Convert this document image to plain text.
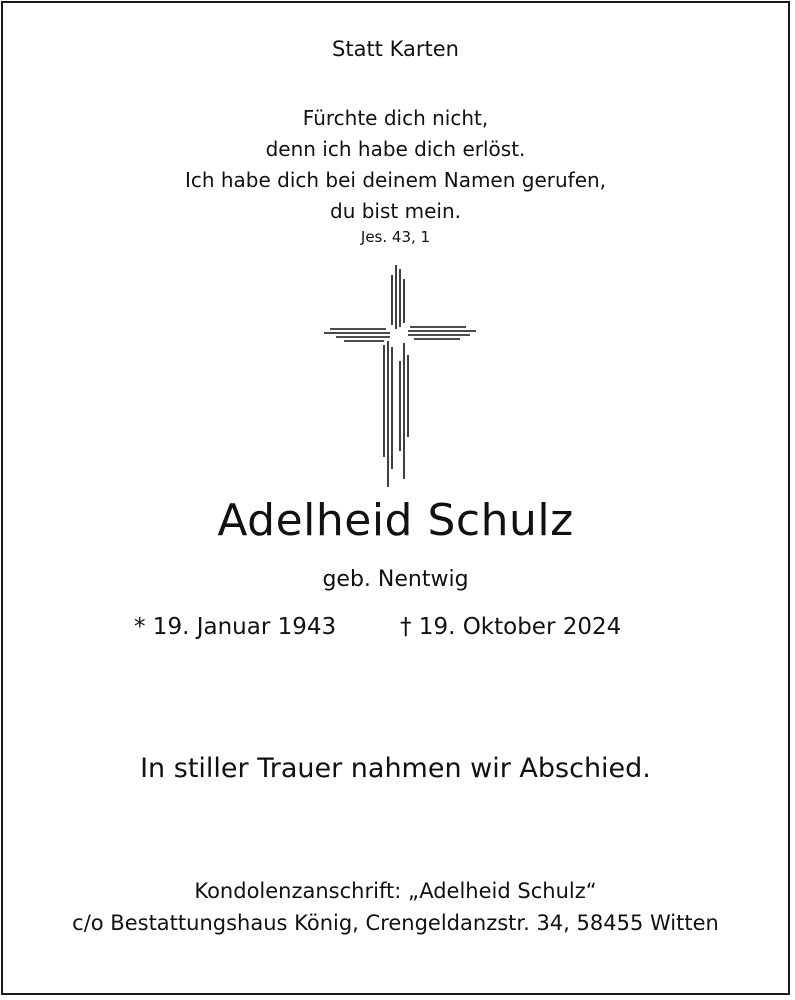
Statt Karten
Fürchte dich nicht,
denn ich habe dich erlöst.
Ich habe dich bei deinem Namen gerufen,
du bist mein.
Jes. 43, 1
Adelheid Schulz
geb. Nentwig
* 19. Januar 1943	† 19. Oktober 2024
In stiller Trauer nahmen wir Abschied.
Kondolenzanschrift: „Adelheid Schulz“
c/o Bestattungshaus König, Crengeldanzstr. 34, 58455 Witten
